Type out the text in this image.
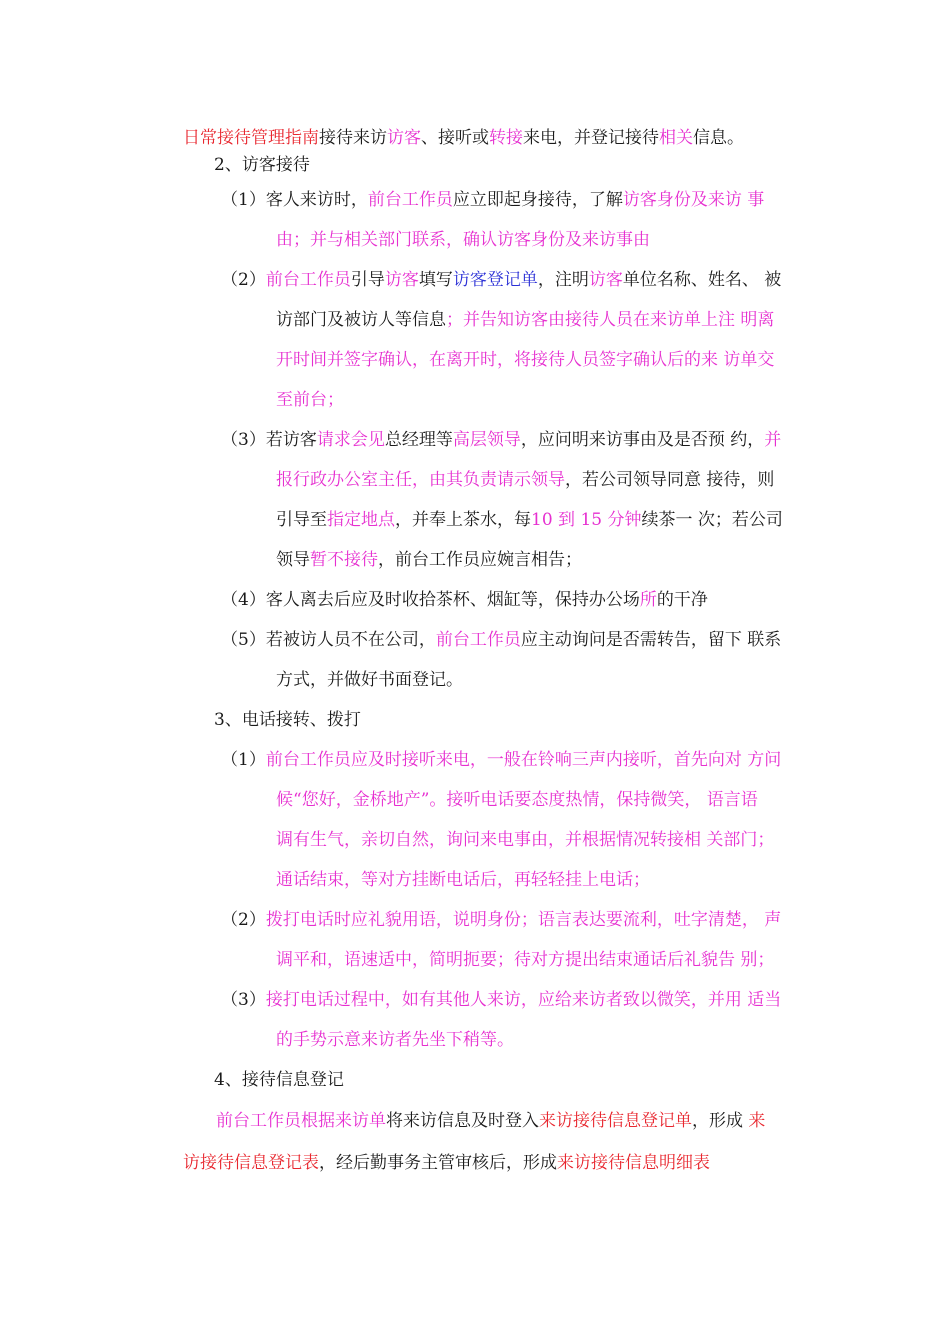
日常接待管理指南接待来访访客、接听或转接来电，并登记接待相关信息。
2、访客接待
（1）客人来访时，前台工作员应立即起身接待，了解访客身份及来访 事
由；并与相关部门联系，确认访客身份及来访事由
（2）前台工作员引导访客填写访客登记单，注明访客单位名称、姓名、 被
访部门及被访人等信息；并告知访客由接待人员在来访单上注 明离
开时间并签字确认，在离开时，将接待人员签字确认后的来 访单交
至前台；
（3）若访客请求会见总经理等高层领导，应问明来访事由及是否预 约，并
报行政办公室主任，由其负责请示领导，若公司领导同意 接待，则
引导至指定地点，并奉上茶水，每10 到 15 分钟续茶一 次；若公司
领导暂不接待，前台工作员应婉言相告；
（4）客人离去后应及时收拾茶杯、烟缸等，保持办公场所的干净
（5）若被访人员不在公司，前台工作员应主动询问是否需转告，留下 联系
方式，并做好书面登记。
3、电话接转、拨打
（1）前台工作员应及时接听来电，一般在铃响三声内接听，首先向对 方问
候“您好，金桥地产”。接听电话要态度热情，保持微笑， 语言语
调有生气，亲切自然，询问来电事由，并根据情况转接相 关部门；
通话结束，等对方挂断电话后，再轻轻挂上电话；
（2）拨打电话时应礼貌用语，说明身份；语言表达要流利，吐字清楚， 声
调平和，语速适中，简明扼要；待对方提出结束通话后礼貌告 别；
（3）接打电话过程中，如有其他人来访，应给来访者致以微笑，并用 适当
的手势示意来访者先坐下稍等。
4、接待信息登记
前台工作员根据来访单将来访信息及时登入来访接待信息登记单，形成 来
访接待信息登记表，经后勤事务主管审核后，形成来访接待信息明细表
